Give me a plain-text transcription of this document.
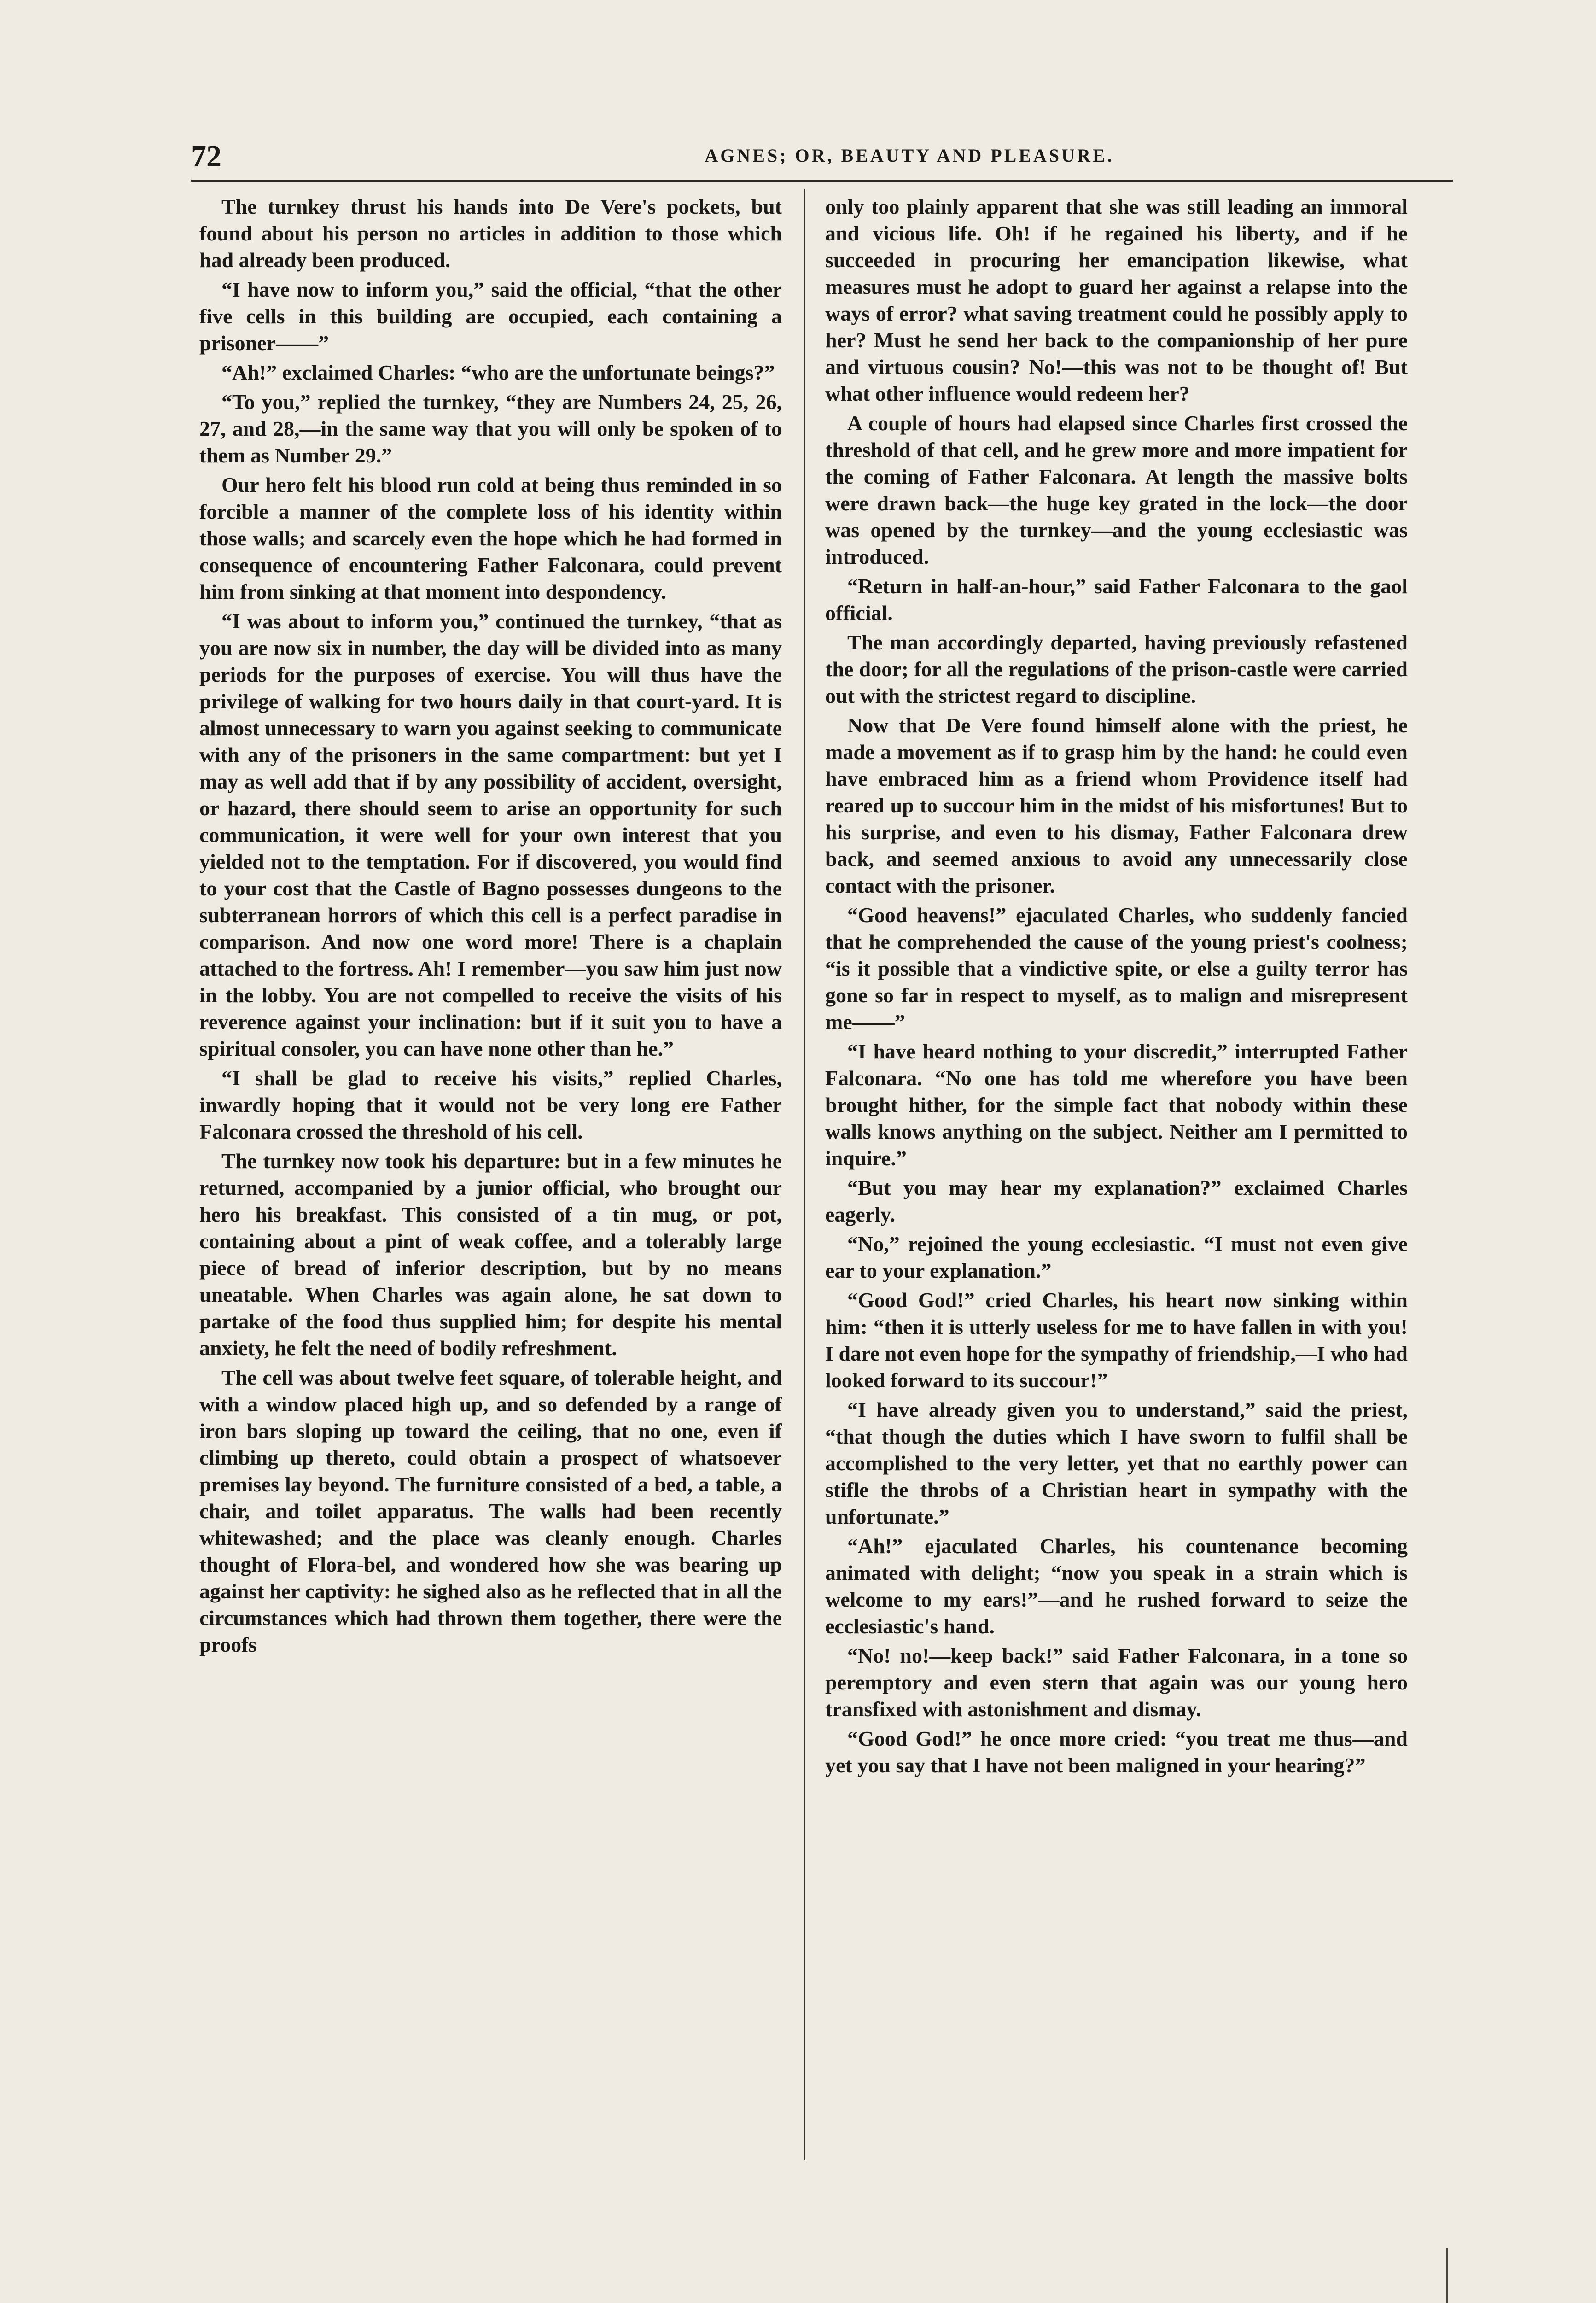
72	AGNES; OR, BEAUTY AND PLEASURE.

The turnkey thrust his hands into De Vere's pockets, but found about his person no articles in addition to those which had already been produced.

“I have now to inform you,” said the official, “that the other five cells in this building are occupied, each containing a prisoner——”

“Ah!” exclaimed Charles: “who are the unfortunate beings?”

“To you,” replied the turnkey, “they are Numbers 24, 25, 26, 27, and 28,—in the same way that you will only be spoken of to them as Number 29.”

Our hero felt his blood run cold at being thus reminded in so forcible a manner of the complete loss of his identity within those walls; and scarcely even the hope which he had formed in consequence of encountering Father Falconara, could prevent him from sinking at that moment into despondency.

“I was about to inform you,” continued the turnkey, “that as you are now six in number, the day will be divided into as many periods for the purposes of exercise. You will thus have the privilege of walking for two hours daily in that court-yard. It is almost unnecessary to warn you against seeking to communicate with any of the prisoners in the same compartment: but yet I may as well add that if by any possibility of accident, oversight, or hazard, there should seem to arise an opportunity for such communication, it were well for your own interest that you yielded not to the temptation. For if discovered, you would find to your cost that the Castle of Bagno possesses dungeons to the subterranean horrors of which this cell is a perfect paradise in comparison. And now one word more! There is a chaplain attached to the fortress. Ah! I remember—you saw him just now in the lobby. You are not compelled to receive the visits of his reverence against your inclination: but if it suit you to have a spiritual consoler, you can have none other than he.”

“I shall be glad to receive his visits,” replied Charles, inwardly hoping that it would not be very long ere Father Falconara crossed the threshold of his cell.

The turnkey now took his departure: but in a few minutes he returned, accompanied by a junior official, who brought our hero his breakfast. This consisted of a tin mug, or pot, containing about a pint of weak coffee, and a tolerably large piece of bread of inferior description, but by no means uneatable. When Charles was again alone, he sat down to partake of the food thus supplied him; for despite his mental anxiety, he felt the need of bodily refreshment.

The cell was about twelve feet square, of tolerable height, and with a window placed high up, and so defended by a range of iron bars sloping up toward the ceiling, that no one, even if climbing up thereto, could obtain a prospect of whatsoever premises lay beyond. The furniture consisted of a bed, a table, a chair, and toilet apparatus. The walls had been recently whitewashed; and the place was cleanly enough. Charles thought of Flora-bel, and wondered how she was bearing up against her captivity: he sighed also as he reflected that in all the circumstances which had thrown them together, there were the proofs

only too plainly apparent that she was still leading an immoral and vicious life. Oh! if he regained his liberty, and if he succeeded in procuring her emancipation likewise, what measures must he adopt to guard her against a relapse into the ways of error? what saving treatment could he possibly apply to her? Must he send her back to the companionship of her pure and virtuous cousin? No!—this was not to be thought of! But what other influence would redeem her?

A couple of hours had elapsed since Charles first crossed the threshold of that cell, and he grew more and more impatient for the coming of Father Falconara. At length the massive bolts were drawn back—the huge key grated in the lock—the door was opened by the turnkey—and the young ecclesiastic was introduced.

“Return in half-an-hour,” said Father Falconara to the gaol official.

The man accordingly departed, having previously refastened the door; for all the regulations of the prison-castle were carried out with the strictest regard to discipline.

Now that De Vere found himself alone with the priest, he made a movement as if to grasp him by the hand: he could even have embraced him as a friend whom Providence itself had reared up to succour him in the midst of his misfortunes! But to his surprise, and even to his dismay, Father Falconara drew back, and seemed anxious to avoid any unnecessarily close contact with the prisoner.

“Good heavens!” ejaculated Charles, who suddenly fancied that he comprehended the cause of the young priest's coolness; “is it possible that a vindictive spite, or else a guilty terror has gone so far in respect to myself, as to malign and misrepresent me——”

“I have heard nothing to your discredit,” interrupted Father Falconara. “No one has told me wherefore you have been brought hither, for the simple fact that nobody within these walls knows anything on the subject. Neither am I permitted to inquire.”

“But you may hear my explanation?” exclaimed Charles eagerly.

“No,” rejoined the young ecclesiastic. “I must not even give ear to your explanation.”

“Good God!” cried Charles, his heart now sinking within him: “then it is utterly useless for me to have fallen in with you! I dare not even hope for the sympathy of friendship,—I who had looked forward to its succour!”

“I have already given you to understand,” said the priest, “that though the duties which I have sworn to fulfil shall be accomplished to the very letter, yet that no earthly power can stifle the throbs of a Christian heart in sympathy with the unfortunate.”

“Ah!” ejaculated Charles, his countenance becoming animated with delight; “now you speak in a strain which is welcome to my ears!”—and he rushed forward to seize the ecclesiastic's hand.

“No! no!—keep back!” said Father Falconara, in a tone so peremptory and even stern that again was our young hero transfixed with astonishment and dismay.

“Good God!” he once more cried: “you treat me thus—and yet you say that I have not been maligned in your hearing?”
